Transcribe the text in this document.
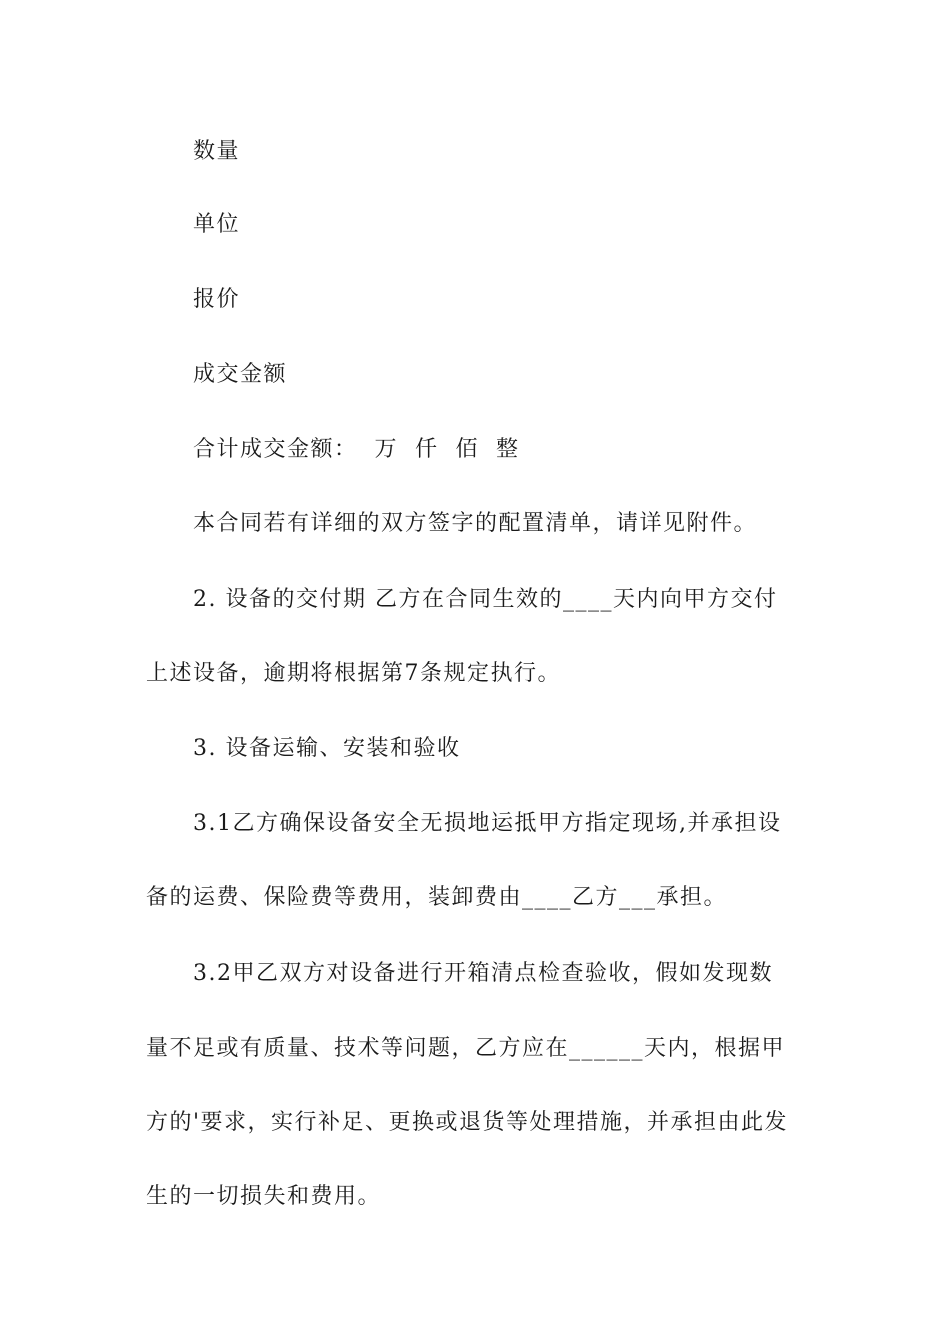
数量

单位

报价

成交金额

合计成交金额：  万  仟  佰  整

本合同若有详细的双方签字的配置清单，请详见附件。

2. 设备的交付期 乙方在合同生效的____天内向甲方交付

上述设备，逾期将根据第7条规定执行。

3. 设备运输、安装和验收

3.1乙方确保设备安全无损地运抵甲方指定现场,并承担设

备的运费、保险费等费用，装卸费由____乙方___承担。

3.2甲乙双方对设备进行开箱清点检查验收，假如发现数

量不足或有质量、技术等问题，乙方应在______天内，根据甲

方的'要求，实行补足、更换或退货等处理措施，并承担由此发

生的一切损失和费用。
